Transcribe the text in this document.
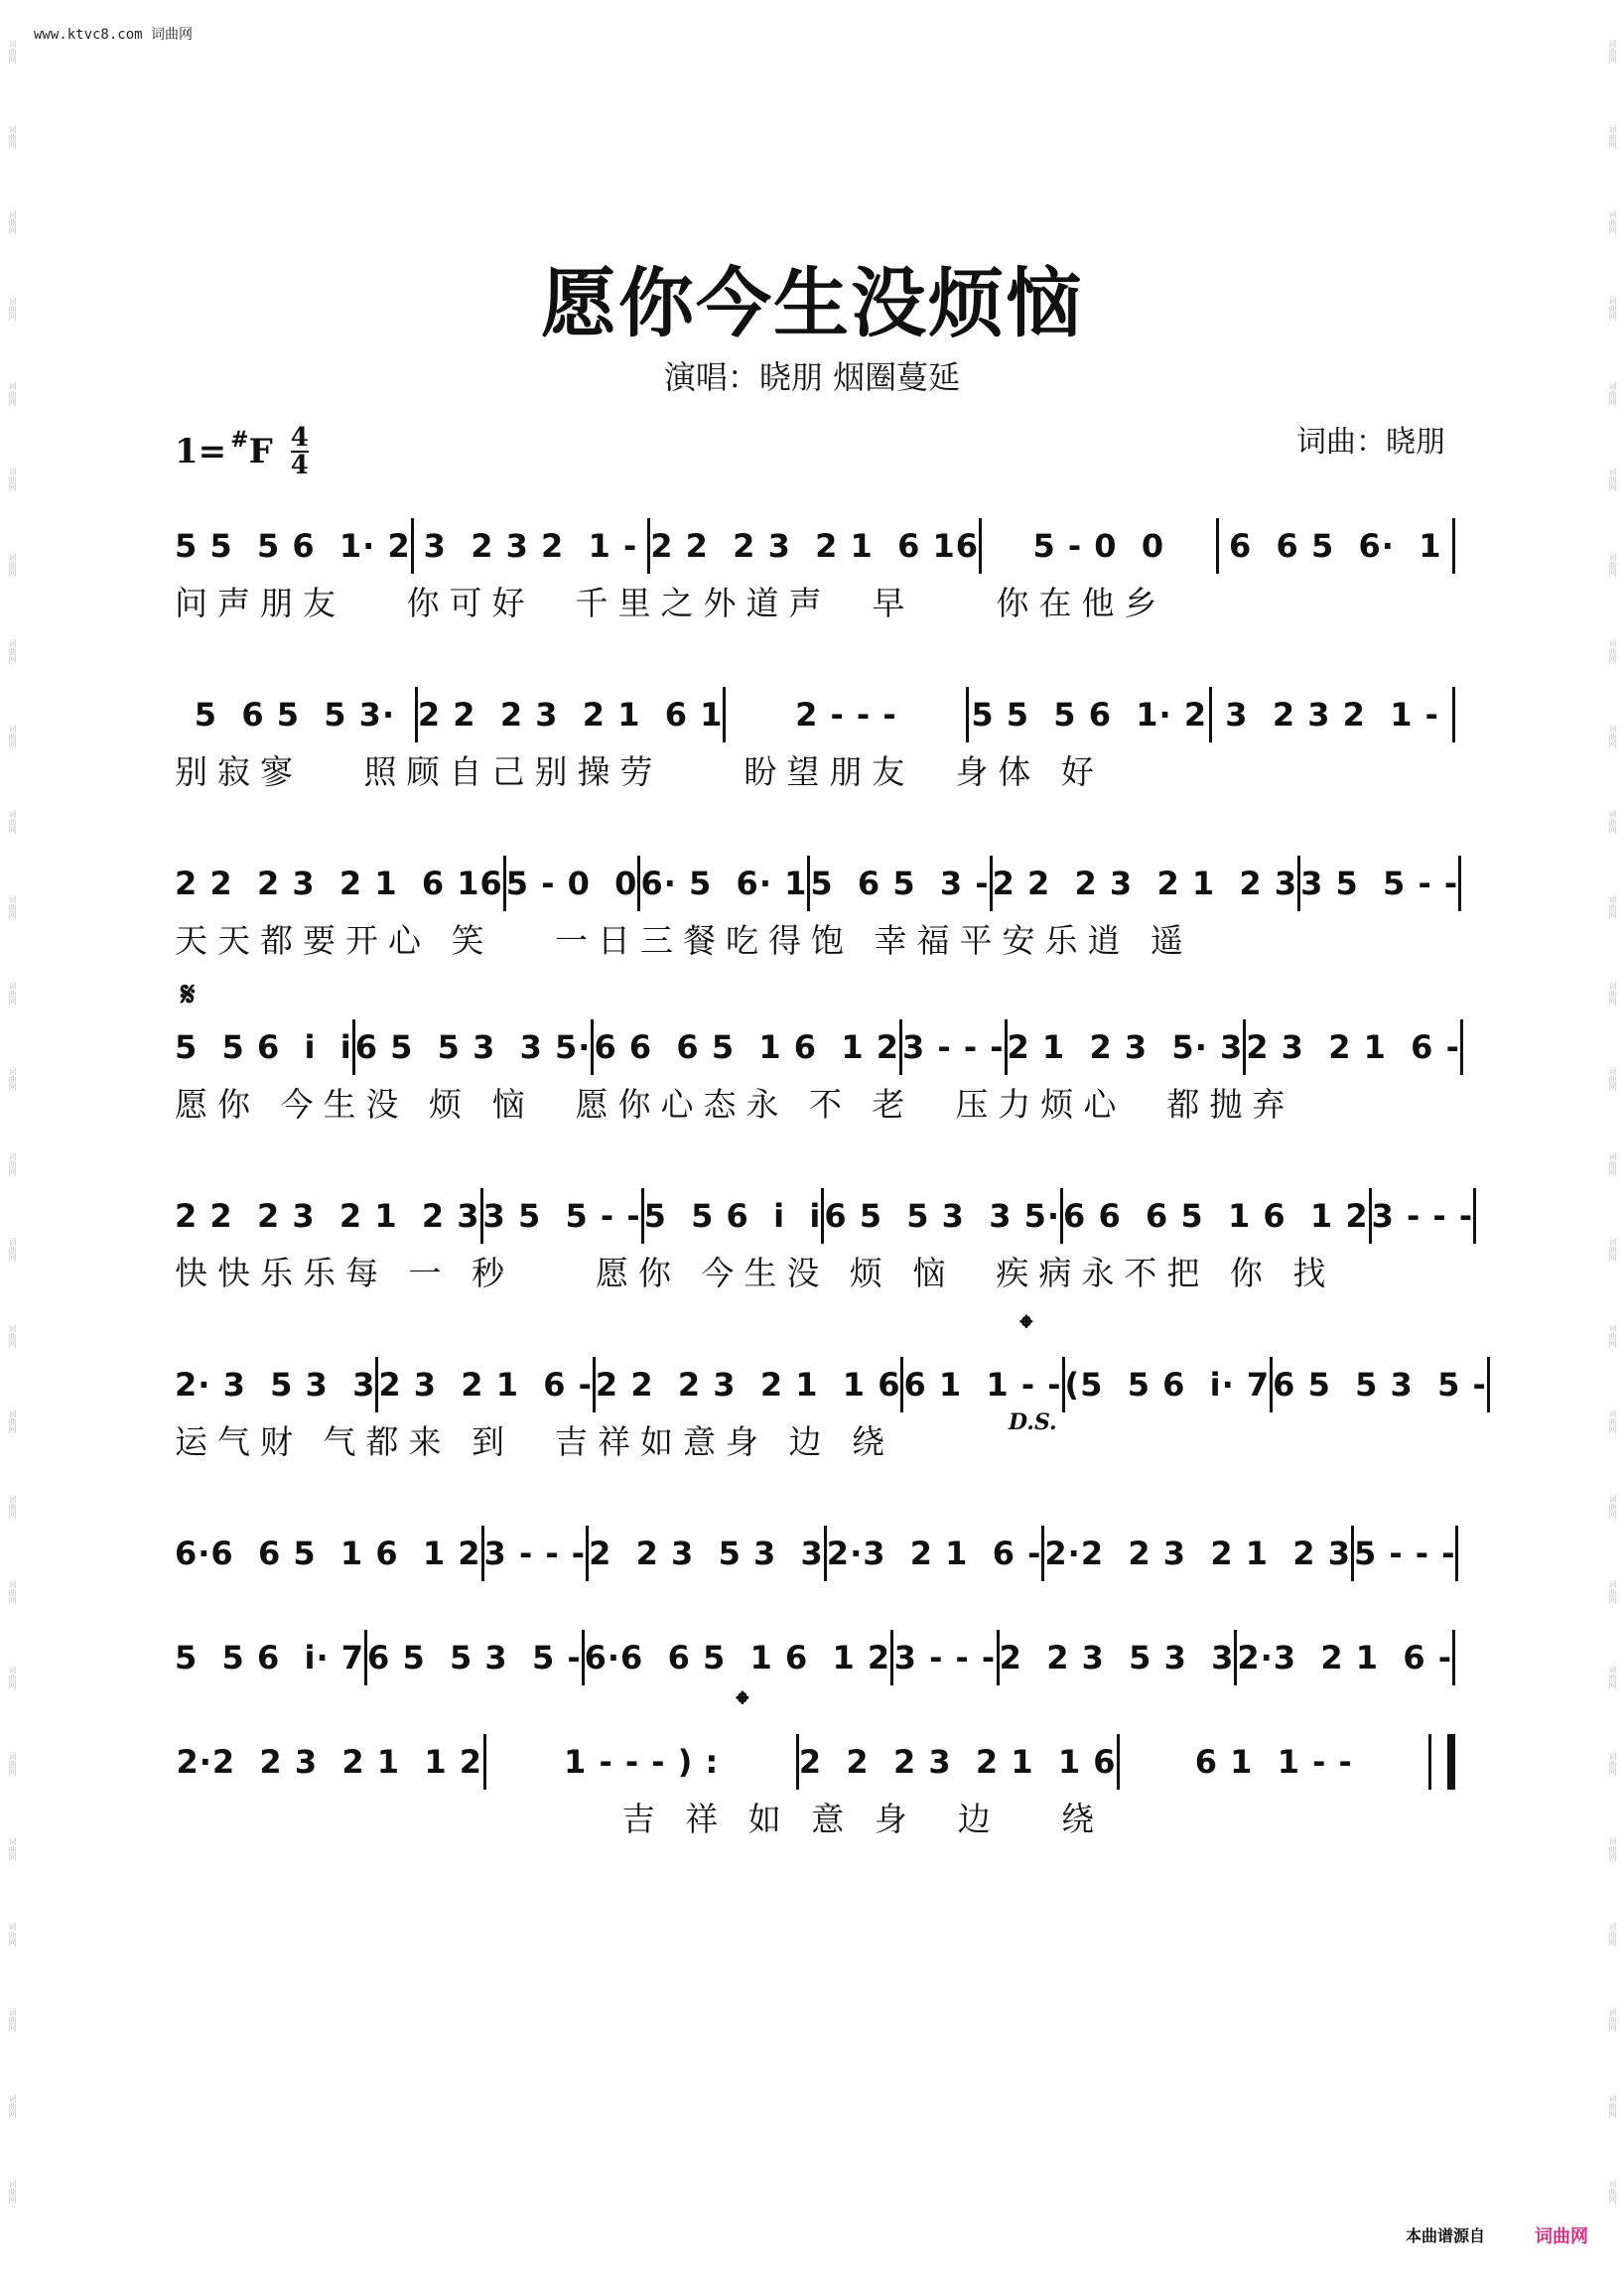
词曲网
词曲网
词曲网
词曲网
词曲网
词曲网
词曲网
词曲网
词曲网
词曲网
词曲网
词曲网
词曲网
词曲网
词曲网
词曲网
词曲网
词曲网
词曲网
词曲网
词曲网
词曲网
词曲网
词曲网
词曲网
词曲网
词曲网
词曲网
词曲网
词曲网
词曲网
词曲网
词曲网
词曲网
词曲网
词曲网
词曲网
词曲网
词曲网
词曲网
词曲网
词曲网
词曲网
词曲网
词曲网
词曲网
词曲网
词曲网
词曲网
词曲网
词曲网
词曲网
www.ktvc8.com 词曲网
愿你今生没烦恼
演唱：晓朋 烟圈蔓延
1= # F $\frac{4}{4}$	词曲：晓朋
𝄋
𝄌
D.S.
𝄌
5 5  5 6  1· 2 3  2 3 2  1 - 2 2  2 3  2 1  6 16	5 - 0  0	6  6 5  6·  1
问声朋友   你可好  千里之外道声  早    你在他乡
5  6 5  5 3· 2 2  2 3  2 1  6 1	2 - - -	5 5  5 6  1· 2 3  2 3 2  1 -
别寂寥   照顾自己别操劳    盼望朋友  身体 好
2 2  2 3  2 1  6 16 5 - 0  0 6· 5  6· 1 5  6 5  3 - 2 2  2 3  2 1  2 3 3 5  5 - -
天天都要开心 笑   一日三餐吃得饱 幸福平安乐逍 遥
5  5 6  i  i 6 5  5 3  3 5· 6 6  6 5  1 6  1 2 3 - - - 2 1  2 3  5· 3 2 3  2 1  6 -
愿你 今生没 烦 恼  愿你心态永 不 老  压力烦心  都抛弃
2 2  2 3  2 1  2 3 3 5  5 - - 5  5 6  i  i 6 5  5 3  3 5· 6 6  6 5  1 6  1 2 3 - - -
快快乐乐每 一 秒    愿你 今生没 烦 恼  疾病永不把 你 找
2· 3  5 3  3 2 3  2 1  6 - 2 2  2 3  2 1  1 6 6 1  1 - - (5  5 6  i· 7 6 5  5 3  5 -
运气财 气都来 到  吉祥如意身 边 绕
6·6  6 5  1 6  1 2 3 - - - 2  2 3  5 3  3 2·3  2 1  6 - 2·2  2 3  2 1  2 3 5 - - -
5  5 6  i· 7 6 5  5 3  5 - 6·6  6 5  1 6  1 2 3 - - - 2  2 3  5 3  3 2·3  2 1  6 -
2·2  2 3  2 1  1 2	1 - - - ) :	2  2  2 3  2 1  1 6	6 1  1 - -
吉 祥 如 意 身  边   绕
本曲谱源自	词曲网
